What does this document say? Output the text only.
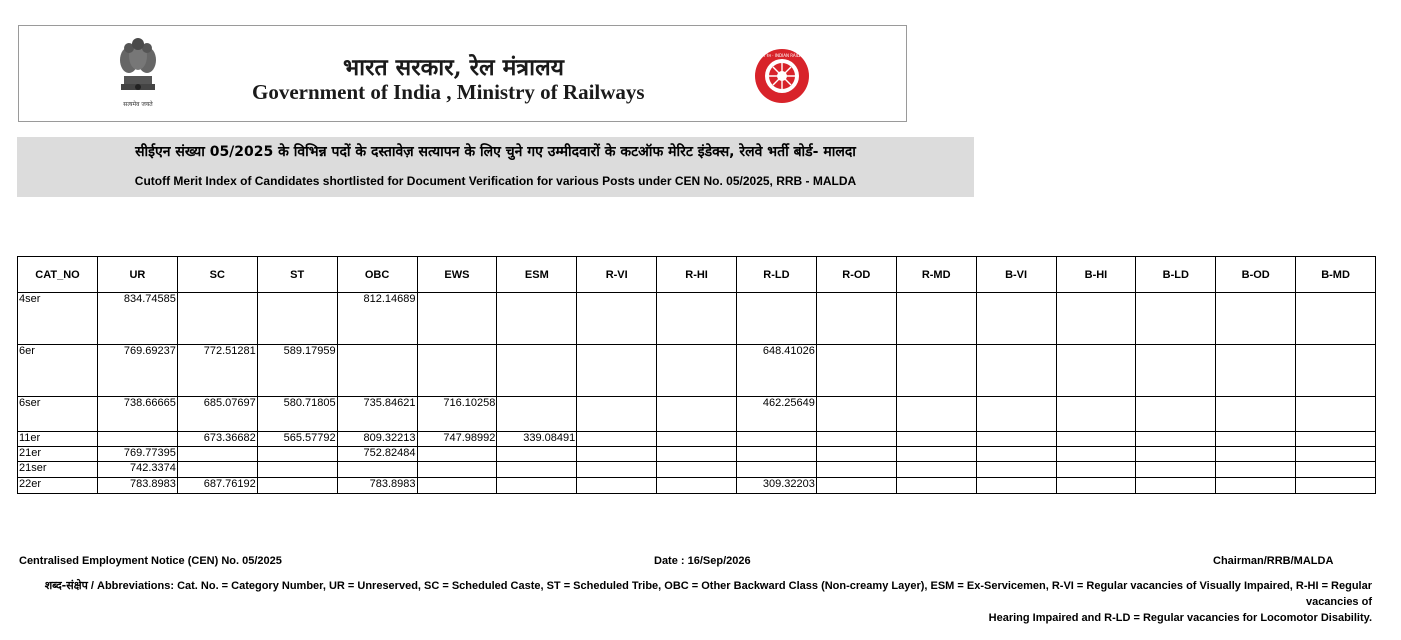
सत्यमेव जयते
भारत सरकार, रेल मंत्रालय
Government of India , Ministry of Railways
भारतीय रेल · INDIAN RAILWAYS
सीईएन संख्या 05/2025 के विभिन्न पदों के दस्तावेज़ सत्यापन के लिए चुने गए उम्मीदवारों के कटऑफ मेरिट इंडेक्स, रेलवे भर्ती बोर्ड- मालदा
Cutoff Merit Index of Candidates shortlisted for Document Verification for various Posts under CEN No. 05/2025, RRB - MALDA
CAT_NO	UR	SC	ST	OBC	EWS	ESM	R-VI	R-HI	R-LD	R-OD	R-MD	B-VI	B-HI	B-LD	B-OD	B-MD
4ser	834.74585			812.14689												
6er	769.69237	772.51281	589.17959						648.41026							
6ser	738.66665	685.07697	580.71805	735.84621	716.10258				462.25649							
11er		673.36682	565.57792	809.32213	747.98992	339.08491										
21er	769.77395			752.82484												
21ser	742.3374															
22er	783.8983	687.76192		783.8983					309.32203							
Centralised Employment Notice (CEN) No. 05/2025	Date : 16/Sep/2026	Chairman/RRB/MALDA
शब्द-संक्षेप / Abbreviations: Cat. No. = Category Number, UR = Unreserved, SC = Scheduled Caste, ST = Scheduled Tribe, OBC = Other Backward Class (Non-creamy Layer), ESM = Ex-Servicemen, R-VI = Regular vacancies of Visually Impaired, R-HI = Regular vacancies of
Hearing Impaired and R-LD = Regular vacancies for Locomotor Disability.
